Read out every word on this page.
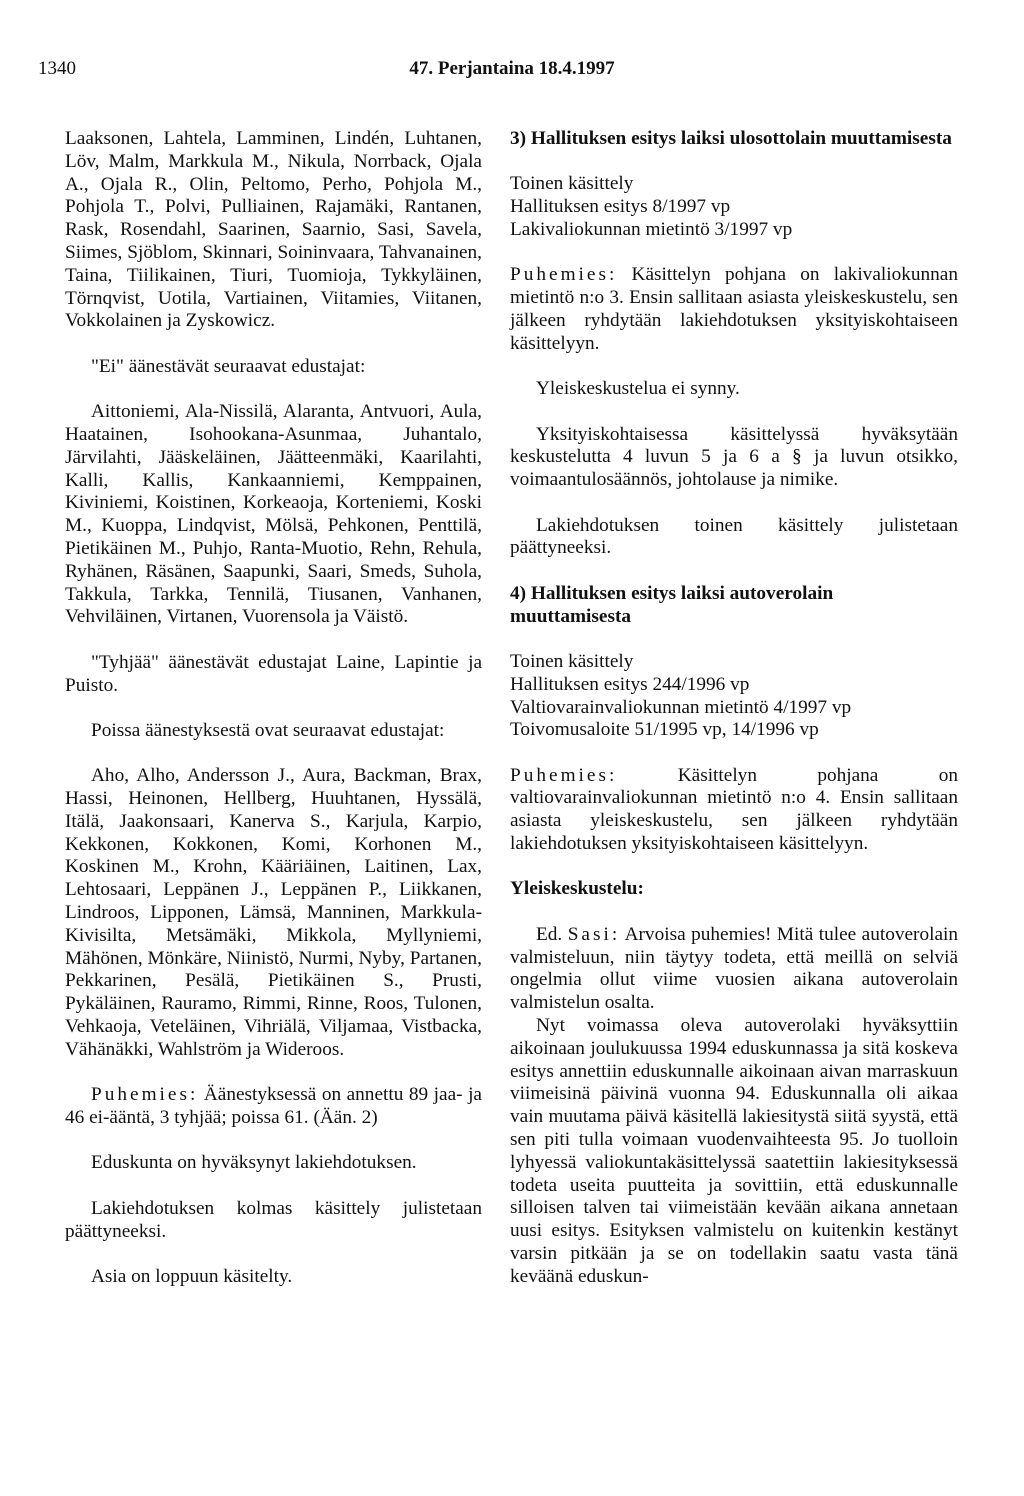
1340	47. Perjantaina 18.4.1997

Laaksonen, Lahtela, Lamminen, Lindén, Luhtanen, Löv, Malm, Markkula M., Nikula, Norrback, Ojala A., Ojala R., Olin, Peltomo, Perho, Pohjola M., Pohjola T., Polvi, Pulliainen, Rajamäki, Rantanen, Rask, Rosendahl, Saarinen, Saarnio, Sasi, Savela, Siimes, Sjöblom, Skinnari, Soininvaara, Tahvanainen, Taina, Tiilikainen, Tiuri, Tuomioja, Tykkyläinen, Törnqvist, Uotila, Vartiainen, Viitamies, Viitanen, Vokkolainen ja Zyskowicz.

"Ei" äänestävät seuraavat edustajat:

Aittoniemi, Ala-Nissilä, Alaranta, Antvuori, Aula, Haatainen, Isohookana-Asunmaa, Juhantalo, Järvilahti, Jääskeläinen, Jäätteenmäki, Kaarilahti, Kalli, Kallis, Kankaanniemi, Kemppainen, Kiviniemi, Koistinen, Korkeaoja, Korteniemi, Koski M., Kuoppa, Lindqvist, Mölsä, Pehkonen, Penttilä, Pietikäinen M., Puhjo, Ranta-Muotio, Rehn, Rehula, Ryhänen, Räsänen, Saapunki, Saari, Smeds, Suhola, Takkula, Tarkka, Tennilä, Tiusanen, Vanhanen, Vehviläinen, Virtanen, Vuorensola ja Väistö.

"Tyhjää" äänestävät edustajat Laine, Lapintie ja Puisto.

Poissa äänestyksestä ovat seuraavat edustajat:

Aho, Alho, Andersson J., Aura, Backman, Brax, Hassi, Heinonen, Hellberg, Huuhtanen, Hyssälä, Itälä, Jaakonsaari, Kanerva S., Karjula, Karpio, Kekkonen, Kokkonen, Komi, Korhonen M., Koskinen M., Krohn, Kääriäinen, Laitinen, Lax, Lehtosaari, Leppänen J., Leppänen P., Liikkanen, Lindroos, Lipponen, Lämsä, Manninen, Markkula-Kivisilta, Metsämäki, Mikkola, Myllyniemi, Mähönen, Mönkäre, Niinistö, Nurmi, Nyby, Partanen, Pekkarinen, Pesälä, Pietikäinen S., Prusti, Pykäläinen, Rauramo, Rimmi, Rinne, Roos, Tulonen, Vehkaoja, Veteläinen, Vihriälä, Viljamaa, Vistbacka, Vähänäkki, Wahlström ja Wideroos.

Puhemies: Äänestyksessä on annettu 89 jaa- ja 46 ei-ääntä, 3 tyhjää; poissa 61. (Ään. 2)

Eduskunta on hyväksynyt lakiehdotuksen.

Lakiehdotuksen kolmas käsittely julistetaan päättyneeksi.

Asia on loppuun käsitelty.

3) Hallituksen esitys laiksi ulosottolain muuttamisesta
Toinen käsittely
Hallituksen esitys 8/1997 vp
Lakivaliokunnan mietintö 3/1997 vp

Puhemies: Käsittelyn pohjana on lakivaliokunnan mietintö n:o 3. Ensin sallitaan asiasta yleiskeskustelu, sen jälkeen ryhdytään lakiehdotuksen yksityiskohtaiseen käsittelyyn.

Yleiskeskustelua ei synny.

Yksityiskohtaisessa käsittelyssä hyväksytään keskustelutta 4 luvun 5 ja 6 a § ja luvun otsikko, voimaantulosäännös, johtolause ja nimike.

Lakiehdotuksen toinen käsittely julistetaan päättyneeksi.

4) Hallituksen esitys laiksi autoverolain muuttamisesta
Toinen käsittely
Hallituksen esitys 244/1996 vp
Valtiovarainvaliokunnan mietintö 4/1997 vp
Toivomusaloite 51/1995 vp, 14/1996 vp

Puhemies: Käsittelyn pohjana on valtiovarainvaliokunnan mietintö n:o 4. Ensin sallitaan asiasta yleiskeskustelu, sen jälkeen ryhdytään lakiehdotuksen yksityiskohtaiseen käsittelyyn.

Yleiskeskustelu:

Ed. Sasi: Arvoisa puhemies! Mitä tulee autoverolain valmisteluun, niin täytyy todeta, että meillä on selviä ongelmia ollut viime vuosien aikana autoverolain valmistelun osalta.

Nyt voimassa oleva autoverolaki hyväksyttiin aikoinaan joulukuussa 1994 eduskunnassa ja sitä koskeva esitys annettiin eduskunnalle aikoinaan aivan marraskuun viimeisinä päivinä vuonna 94. Eduskunnalla oli aikaa vain muutama päivä käsitellä lakiesitystä siitä syystä, että sen piti tulla voimaan vuodenvaihteesta 95. Jo tuolloin lyhyessä valiokuntakäsittelyssä saatettiin lakiesityksessä todeta useita puutteita ja sovittiin, että eduskunnalle silloisen talven tai viimeistään kevään aikana annetaan uusi esitys. Esityksen valmistelu on kuitenkin kestänyt varsin pitkään ja se on todellakin saatu vasta tänä keväänä eduskun-
